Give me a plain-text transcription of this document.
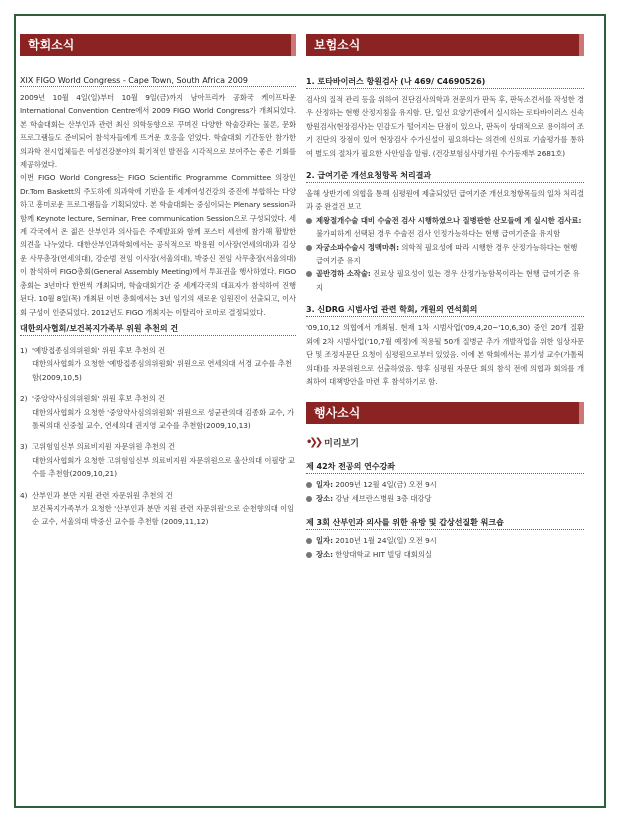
학회소식
XIX FIGO World Congress - Cape Town, South Africa 2009

2009년 10월 4일(일)부터 10월 9일(금)까지 남아프리카 공화국 케이프타운 International Convention Centre에서 2009 FIGO World Congress가 개최되었다. 본 학술대회는 산부인과 관련 최신 의학동향으로 꾸며진 다양한 학술강좌는 물론, 문화 프로그램들도 준비되어 참석자들에게 뜨거운 호응을 얻었다. 학술대회 기간동안 참가한 의과학 전시업체들은 여성건강분야의 획기적인 발전을 시각적으로 보여주는 좋은 기회를 제공하였다.

이번 FIGO World Congress는 FIGO Scientific Programme Committee 의장인 Dr.Tom Baskett의 주도하에 의과학에 기반을 둔 세계여성건강의 증진에 부합하는 다양하고 흥미로운 프로그램들을 기획되었다. 본 학술대회는 중심이되는 Plenary session과 함께 Keynote lecture, Seminar, Free communication Session으로 구성되었다. 세계 각국에서 온 젊은 산부인과 의사들은 주제발표와 함께 포스터 세션에 참가해 활발한 의견을 나누었다. 대한산부인과학회에서는 공식적으로 박용원 이사장(연세의대)과 김상운 사무총장(연세의대), 강순범 전임 이사장(서울의대), 박중신 전임 사무총장(서울의대)이 참석하여 FIGO총회(General Assembly Meeting)에서 투표권을 행사하였다. FIGO 총회는 3년마다 한번씩 개최되며, 학술대회기간 중 세계각국의 대표자가 참석하여 진행된다. 10월 8일(목) 개최된 이번 총회에서는 3년 임기의 새로운 임원진이 선출되고, 이사회 구성이 인준되었다. 2012년도 FIGO 개최지는 이탈리아 로마로 결정되었다.

대한의사협회/보건복지가족부 위원 추천의 건
1) '예방접종심의위원회' 위원 후보 추천의 건
대한의사협회가 요청한 '예방접종심의위원회' 위원으로 연세의대 서경 교수를 추천함(2009,10,5)
2) '중앙약사심의위원회' 위원 후보 추천의 건
대한의사협회가 요청한 '중앙약사심의위원회' 위원으로 성균관의대 김종화 교수, 가톨릭의대 신중철 교수, 연세의대 권지영 교수를 추천함(2009,10,13)
3) 고위험임신부 의료비지원 자문위원 추천의 건
대한의사협회가 요청한 고위험임신부 의료비지원 자문위원으로 울산의대 이필량 교수를 추천함(2009,10,21)
4) 산부인과 분만 지원 관련 자문위원 추천의 건
보건복지가족부가 요청한 '산부인과 분만 지원 관련 자문위원'으로 순천향의대 이임순 교수, 서울의대 박중신 교수를 추천함 (2009,11,12)
보험소식
1. 로타바이러스 항원검사 (나 469/ C4690526)

검사의 질적 관리 등을 위하여 진단검사의학과 전문의가 판독 후, 판독소견서를 작성한 경우 산정하는 현행 산정지침을 유지함. 단, 일선 요양기관에서 실시하는 로타바이러스 신속항원검사(현장검사)는 민감도가 떨어지는 단점이 있으나, 판독이 상대적으로 용이하여 조기 진단의 장점이 있어 현장검사 수가신설이 필요하다는 의견에 신의료 기술평가를 통하여 별도의 절차가 필요한 사안임을 알림. (건강보험심사평가원 수가등재부 2681호)

2. 급여기준 개선요청항목 처리결과

올해 상반기에 의협을 통해 심평원에 제출되었던 급여기준 개선요청항목들의 일차 처리결과 중 완결건 보고

제왕절개수술 대비 수술전 검사 시행하였으나 질병판한 산모들에 게 실시한 검사료: 불가피하게 선택된 경우 수술전 검사 인정가능하다는 현행 급여기준을 유지함
자궁소파수술시 정맥마취: 의학적 필요성에 따라 시행한 경우 산정가능하다는 현행 급여기준 유지
골반경하 소작술: 진료상 필요성이 있는 경우 산정가능함목이라는 현행 급여기준 유지
3. 신DRG 시범사업 관련 학회, 개원의 연석회의

'09,10,12 의협에서 개최됨. 현재 1차 시범사업('09,4,20~'10,6,30) 중인 20개 질환 외에 2차 시범사업('10,7월 예정)에 적용될 50개 질병군 추가 개발작업을 위한 임상자문단 및 조정자문단 요청이 심평원으로부터 있었음. 이에 본 학회에서는 류기성 교수(가톨릭의대)를 자문위원으로 선출하였음. 향후 심평원 자문단 회의 참석 전에 의협과 회의를 개최하여 대책방안을 마련 후 참석하기로 함.

행사소식
•❯❯ 미리보기
제 42차 전공의 연수강좌
일자: 2009년 12월 4일(금) 오전 9시
장소: 강남 세브란스병원 3층 대강당
제 3회 산부인과 의사를 위한 유방 및 갑상선질환 워크숍
일자: 2010년 1월 24일(일) 오전 9시
장소: 한양대학교 HIT 빌딩 대회의실
